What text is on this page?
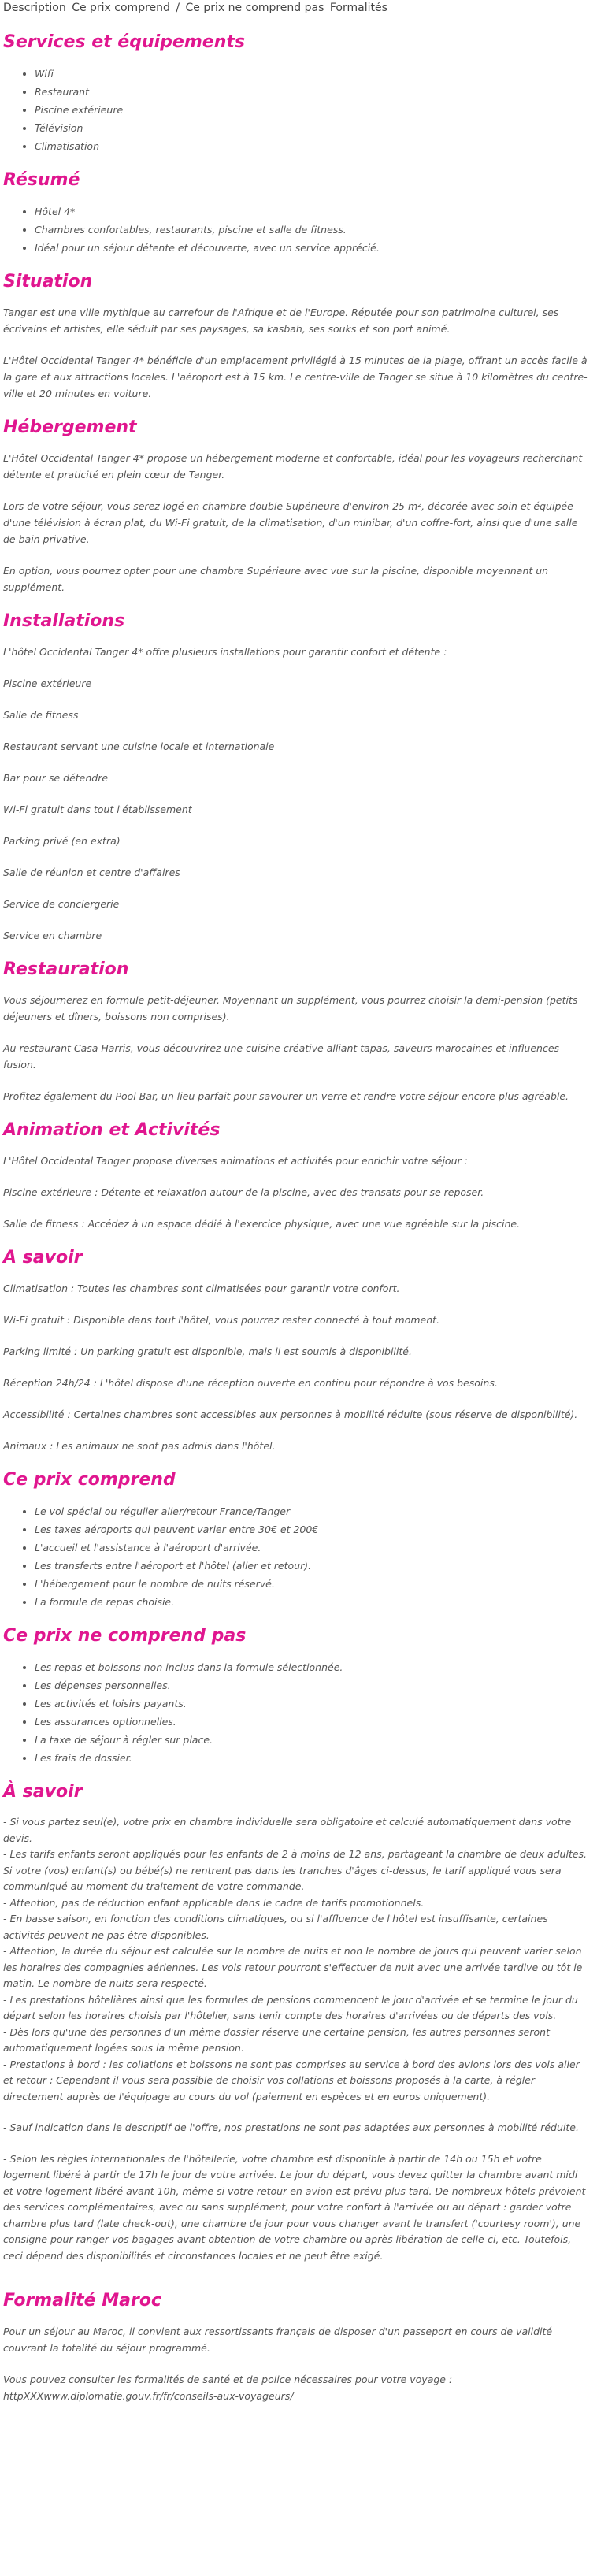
Description Ce prix comprend / Ce prix ne comprend pas Formalités
Services et équipements
• Wifi
• Restaurant
• Piscine extérieure
• Télévision
• Climatisation
Résumé
• Hôtel 4*
• Chambres confortables, restaurants, piscine et salle de fitness.
• Idéal pour un séjour détente et découverte, avec un service apprécié.
Situation

Tanger est une ville mythique au carrefour de l'Afrique et de l'Europe. Réputée pour son patrimoine culturel, ses écrivains et artistes, elle séduit par ses paysages, sa kasbah, ses souks et son port animé.

L'Hôtel Occidental Tanger 4* bénéficie d'un emplacement privilégié à 15 minutes de la plage, offrant un accès facile à la gare et aux attractions locales. L'aéroport est à 15 km. Le centre-ville de Tanger se situe à 10 kilomètres du centre-ville et 20 minutes en voiture.

Hébergement

L'Hôtel Occidental Tanger 4* propose un hébergement moderne et confortable, idéal pour les voyageurs recherchant détente et praticité en plein cœur de Tanger.

Lors de votre séjour, vous serez logé en chambre double Supérieure d'environ 25 m², décorée avec soin et équipée d'une télévision à écran plat, du Wi-Fi gratuit, de la climatisation, d'un minibar, d'un coffre-fort, ainsi que d'une salle de bain privative.

En option, vous pourrez opter pour une chambre Supérieure avec vue sur la piscine, disponible moyennant un supplément.

Installations

L'hôtel Occidental Tanger 4* offre plusieurs installations pour garantir confort et détente :

Piscine extérieure

Salle de fitness

Restaurant servant une cuisine locale et internationale

Bar pour se détendre

Wi-Fi gratuit dans tout l'établissement

Parking privé (en extra)

Salle de réunion et centre d'affaires

Service de conciergerie

Service en chambre

Restauration

Vous séjournerez en formule petit-déjeuner. Moyennant un supplément, vous pourrez choisir la demi-pension (petits déjeuners et dîners, boissons non comprises).

Au restaurant Casa Harris, vous découvrirez une cuisine créative alliant tapas, saveurs marocaines et influences fusion.

Profitez également du Pool Bar, un lieu parfait pour savourer un verre et rendre votre séjour encore plus agréable.

Animation et Activités

L'Hôtel Occidental Tanger propose diverses animations et activités pour enrichir votre séjour :

Piscine extérieure : Détente et relaxation autour de la piscine, avec des transats pour se reposer.

Salle de fitness : Accédez à un espace dédié à l'exercice physique, avec une vue agréable sur la piscine.

A savoir

Climatisation : Toutes les chambres sont climatisées pour garantir votre confort.

Wi-Fi gratuit : Disponible dans tout l'hôtel, vous pourrez rester connecté à tout moment.

Parking limité : Un parking gratuit est disponible, mais il est soumis à disponibilité.

Réception 24h/24 : L'hôtel dispose d'une réception ouverte en continu pour répondre à vos besoins.

Accessibilité : Certaines chambres sont accessibles aux personnes à mobilité réduite (sous réserve de disponibilité).

Animaux : Les animaux ne sont pas admis dans l'hôtel.

Ce prix comprend
• Le vol spécial ou régulier aller/retour France/Tanger
• Les taxes aéroports qui peuvent varier entre 30€ et 200€
• L'accueil et l'assistance à l'aéroport d'arrivée.
• Les transferts entre l'aéroport et l'hôtel (aller et retour).
• L'hébergement pour le nombre de nuits réservé.
• La formule de repas choisie.
Ce prix ne comprend pas
• Les repas et boissons non inclus dans la formule sélectionnée.
• Les dépenses personnelles.
• Les activités et loisirs payants.
• Les assurances optionnelles.
• La taxe de séjour à régler sur place.
• Les frais de dossier.
À savoir

- Si vous partez seul(e), votre prix en chambre individuelle sera obligatoire et calculé automatiquement dans votre devis.

- Les tarifs enfants seront appliqués pour les enfants de 2 à moins de 12 ans, partageant la chambre de deux adultes. Si votre (vos) enfant(s) ou bébé(s) ne rentrent pas dans les tranches d'âges ci-dessus, le tarif appliqué vous sera communiqué au moment du traitement de votre commande.

- Attention, pas de réduction enfant applicable dans le cadre de tarifs promotionnels.

- En basse saison, en fonction des conditions climatiques, ou si l'affluence de l'hôtel est insuffisante, certaines activités peuvent ne pas être disponibles.

- Attention, la durée du séjour est calculée sur le nombre de nuits et non le nombre de jours qui peuvent varier selon les horaires des compagnies aériennes. Les vols retour pourront s'effectuer de nuit avec une arrivée tardive ou tôt le matin. Le nombre de nuits sera respecté.

- Les prestations hôtelières ainsi que les formules de pensions commencent le jour d'arrivée et se termine le jour du départ selon les horaires choisis par l'hôtelier, sans tenir compte des horaires d'arrivées ou de départs des vols.

- Dès lors qu'une des personnes d'un même dossier réserve une certaine pension, les autres personnes seront automatiquement logées sous la même pension.

- Prestations à bord : les collations et boissons ne sont pas comprises au service à bord des avions lors des vols aller et retour ; Cependant il vous sera possible de choisir vos collations et boissons proposés à la carte, à régler directement auprès de l'équipage au cours du vol (paiement en espèces et en euros uniquement).

- Sauf indication dans le descriptif de l'offre, nos prestations ne sont pas adaptées aux personnes à mobilité réduite.

- Selon les règles internationales de l'hôtellerie, votre chambre est disponible à partir de 14h ou 15h et votre logement libéré à partir de 17h le jour de votre arrivée. Le jour du départ, vous devez quitter la chambre avant midi et votre logement libéré avant 10h, même si votre retour en avion est prévu plus tard. De nombreux hôtels prévoient des services complémentaires, avec ou sans supplément, pour votre confort à l'arrivée ou au départ : garder votre chambre plus tard (late check-out), une chambre de jour pour vous changer avant le transfert ('courtesy room'), une consigne pour ranger vos bagages avant obtention de votre chambre ou après libération de celle-ci, etc. Toutefois, ceci dépend des disponibilités et circonstances locales et ne peut être exigé.

Formalité Maroc

Pour un séjour au Maroc, il convient aux ressortissants français de disposer d'un passeport en cours de validité couvrant la totalité du séjour programmé.

Vous pouvez consulter les formalités de santé et de police nécessaires pour votre voyage :

httpXXXwww.diplomatie.gouv.fr/fr/conseils-aux-voyageurs/
